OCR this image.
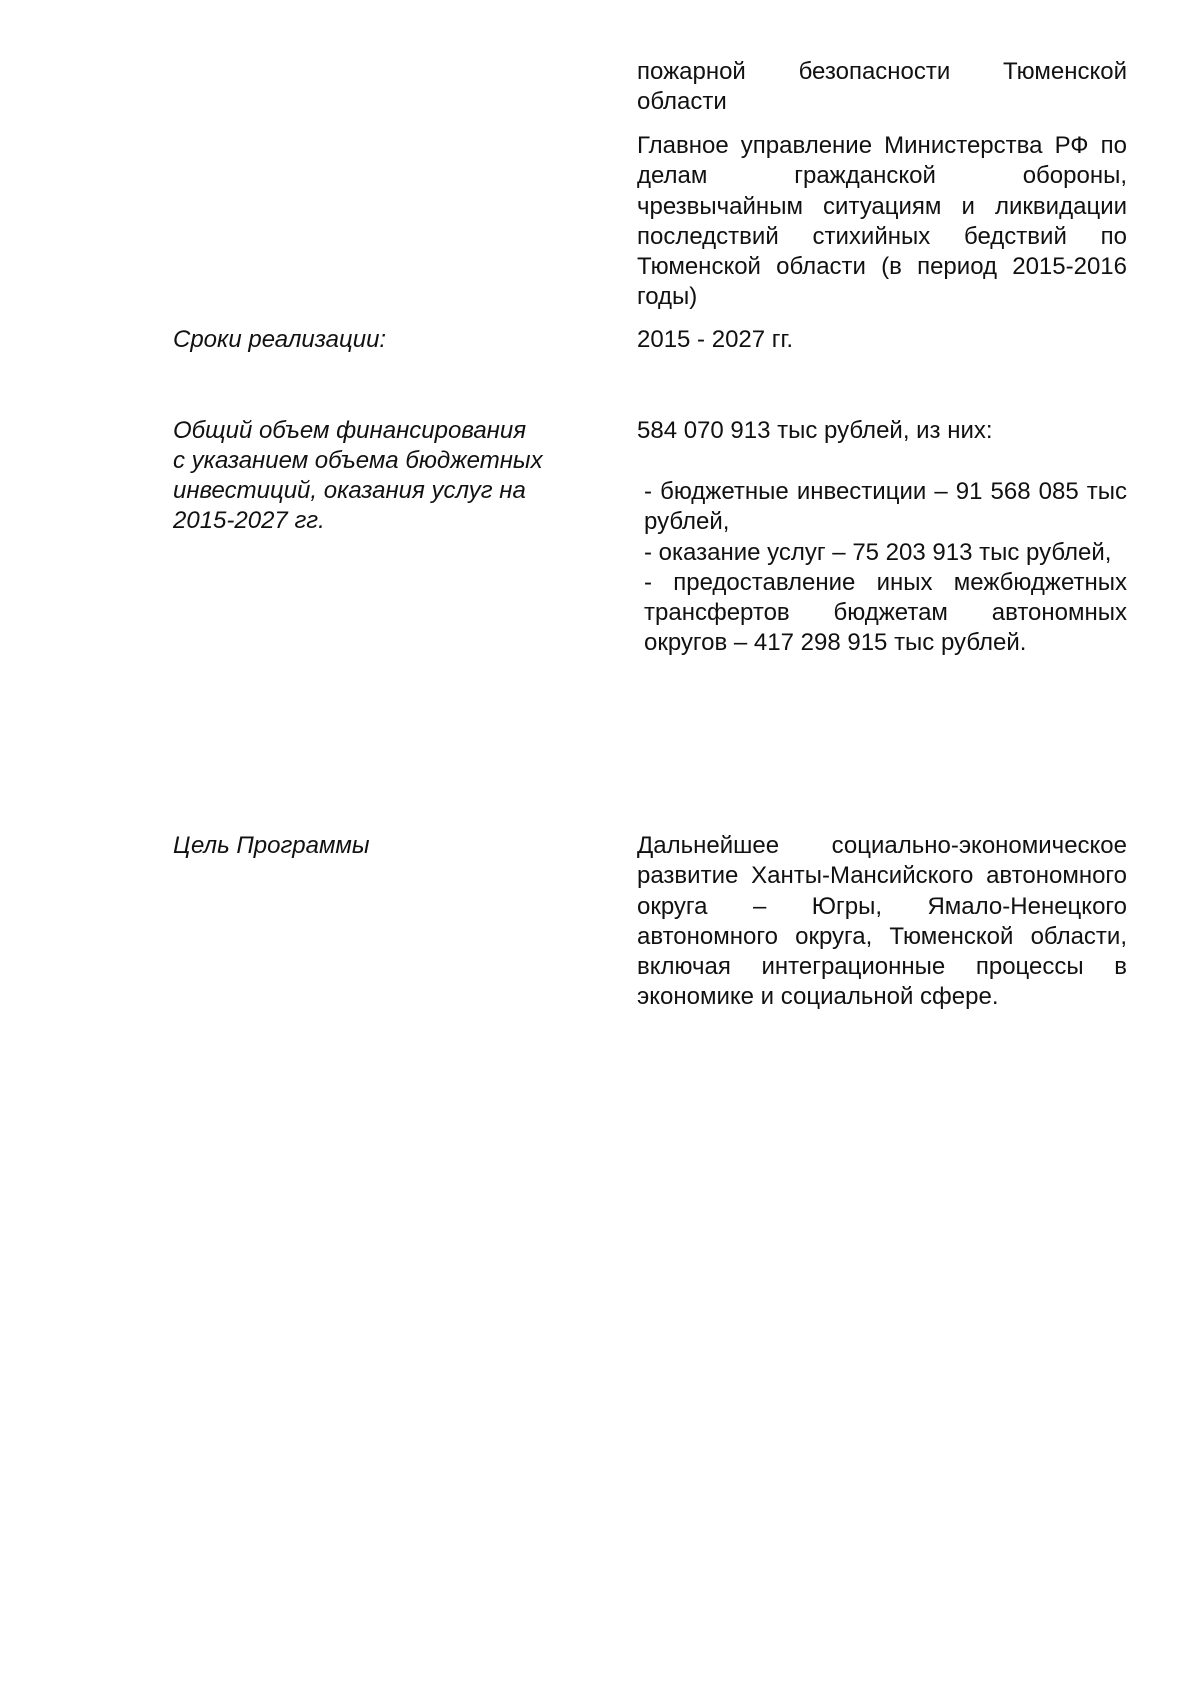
пожарной безопасности Тюменской области

Главное управление Министерства РФ по делам гражданской обороны, чрезвычайным ситуациям и ликвидации последствий стихийных бедствий по Тюменской области (в период 2015-2016 годы)

Сроки реализации:	2015 - 2027 гг.

Общий объем финансирования с указанием объема бюджетных инвестиций, оказания услуг на 2015-2027 гг.

584 070 913 тыс рублей, из них:

- бюджетные инвестиции – 91 568 085 тыс рублей,
- оказание услуг – 75 203 913 тыс рублей,
- предоставление иных межбюджетных трансфертов бюджетам автономных округов – 417 298 915 тыс рублей.

Цель Программы	Дальнейшее социально-экономическое развитие Ханты-Мансийского автономного округа – Югры, Ямало-Ненецкого автономного округа, Тюменской области, включая интеграционные процессы в экономике и социальной сфере.
